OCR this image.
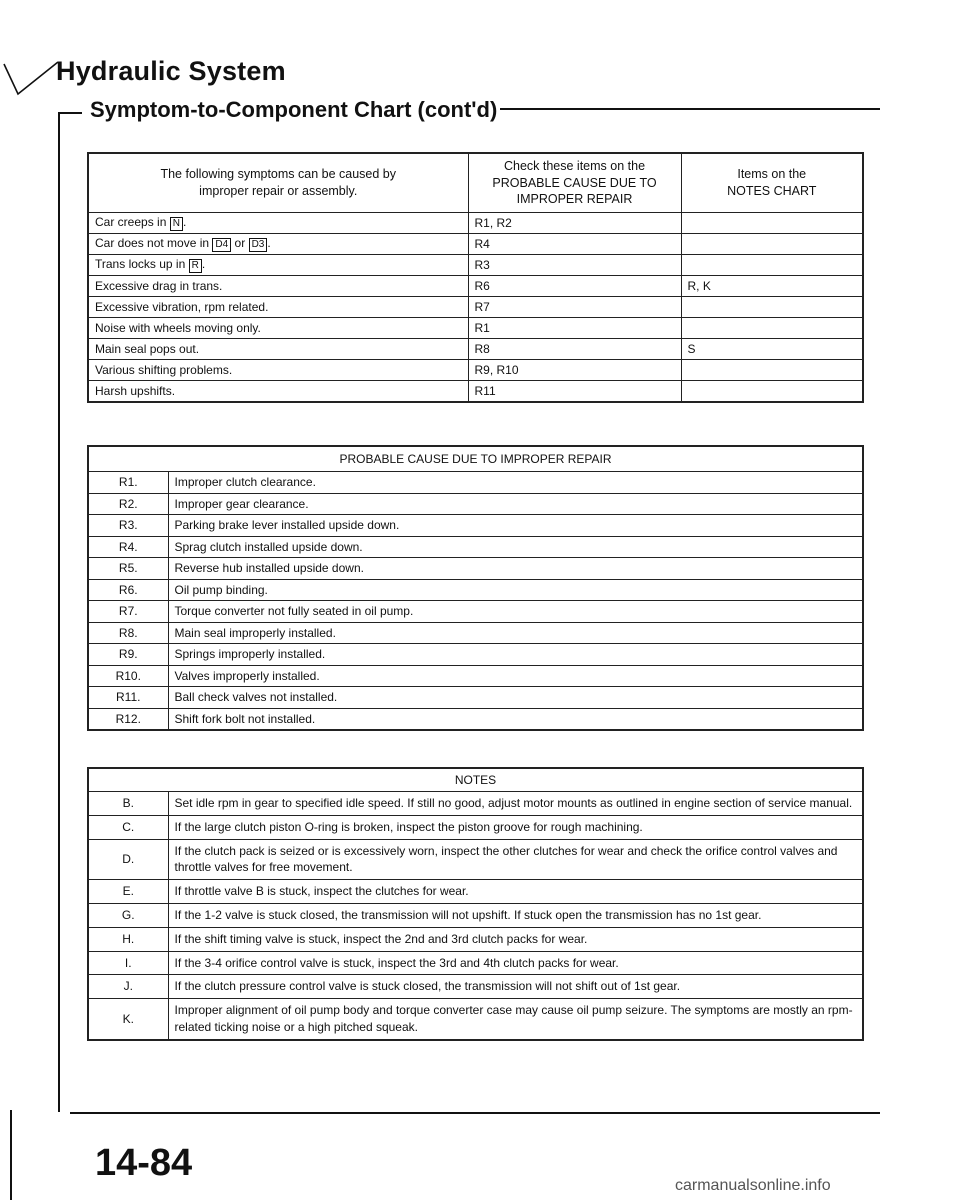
Hydraulic System
Symptom-to-Component Chart (cont'd)
The following symptoms can be caused by improper repair or assembly.	Check these items on the PROBABLE CAUSE DUE TO IMPROPER REPAIR	Items on the NOTES CHART
Car creeps in N .	R1, R2	
Car does not move in D4 or D3 .	R4	
Trans locks up in R .	R3	
Excessive drag in trans.	R6	R, K
Excessive vibration, rpm related.	R7	
Noise with wheels moving only.	R1	
Main seal pops out.	R8	S
Various shifting problems.	R9, R10	
Harsh upshifts.	R11	
PROBABLE CAUSE DUE TO IMPROPER REPAIR	
R1.	Improper clutch clearance.
R2.	Improper gear clearance.
R3.	Parking brake lever installed upside down.
R4.	Sprag clutch installed upside down.
R5.	Reverse hub installed upside down.
R6.	Oil pump binding.
R7.	Torque converter not fully seated in oil pump.
R8.	Main seal improperly installed.
R9.	Springs improperly installed.
R10.	Valves improperly installed.
R11.	Ball check valves not installed.
R12.	Shift fork bolt not installed.
NOTES	
B.	Set idle rpm in gear to specified idle speed. If still no good, adjust motor mounts as outlined in engine section of service manual.
C.	If the large clutch piston O-ring is broken, inspect the piston groove for rough machining.
D.	If the clutch pack is seized or is excessively worn, inspect the other clutches for wear and check the orifice control valves and throttle valves for free movement.
E.	If throttle valve B is stuck, inspect the clutches for wear.
G.	If the 1-2 valve is stuck closed, the transmission will not upshift. If stuck open the transmission has no 1st gear.
H.	If the shift timing valve is stuck, inspect the 2nd and 3rd clutch packs for wear.
I.	If the 3-4 orifice control valve is stuck, inspect the 3rd and 4th clutch packs for wear.
J.	If the clutch pressure control valve is stuck closed, the transmission will not shift out of 1st gear.
K.	Improper alignment of oil pump body and torque converter case may cause oil pump seizure. The symptoms are mostly an rpm-related ticking noise or a high pitched squeak.
14-84
carmanualsonline.info
